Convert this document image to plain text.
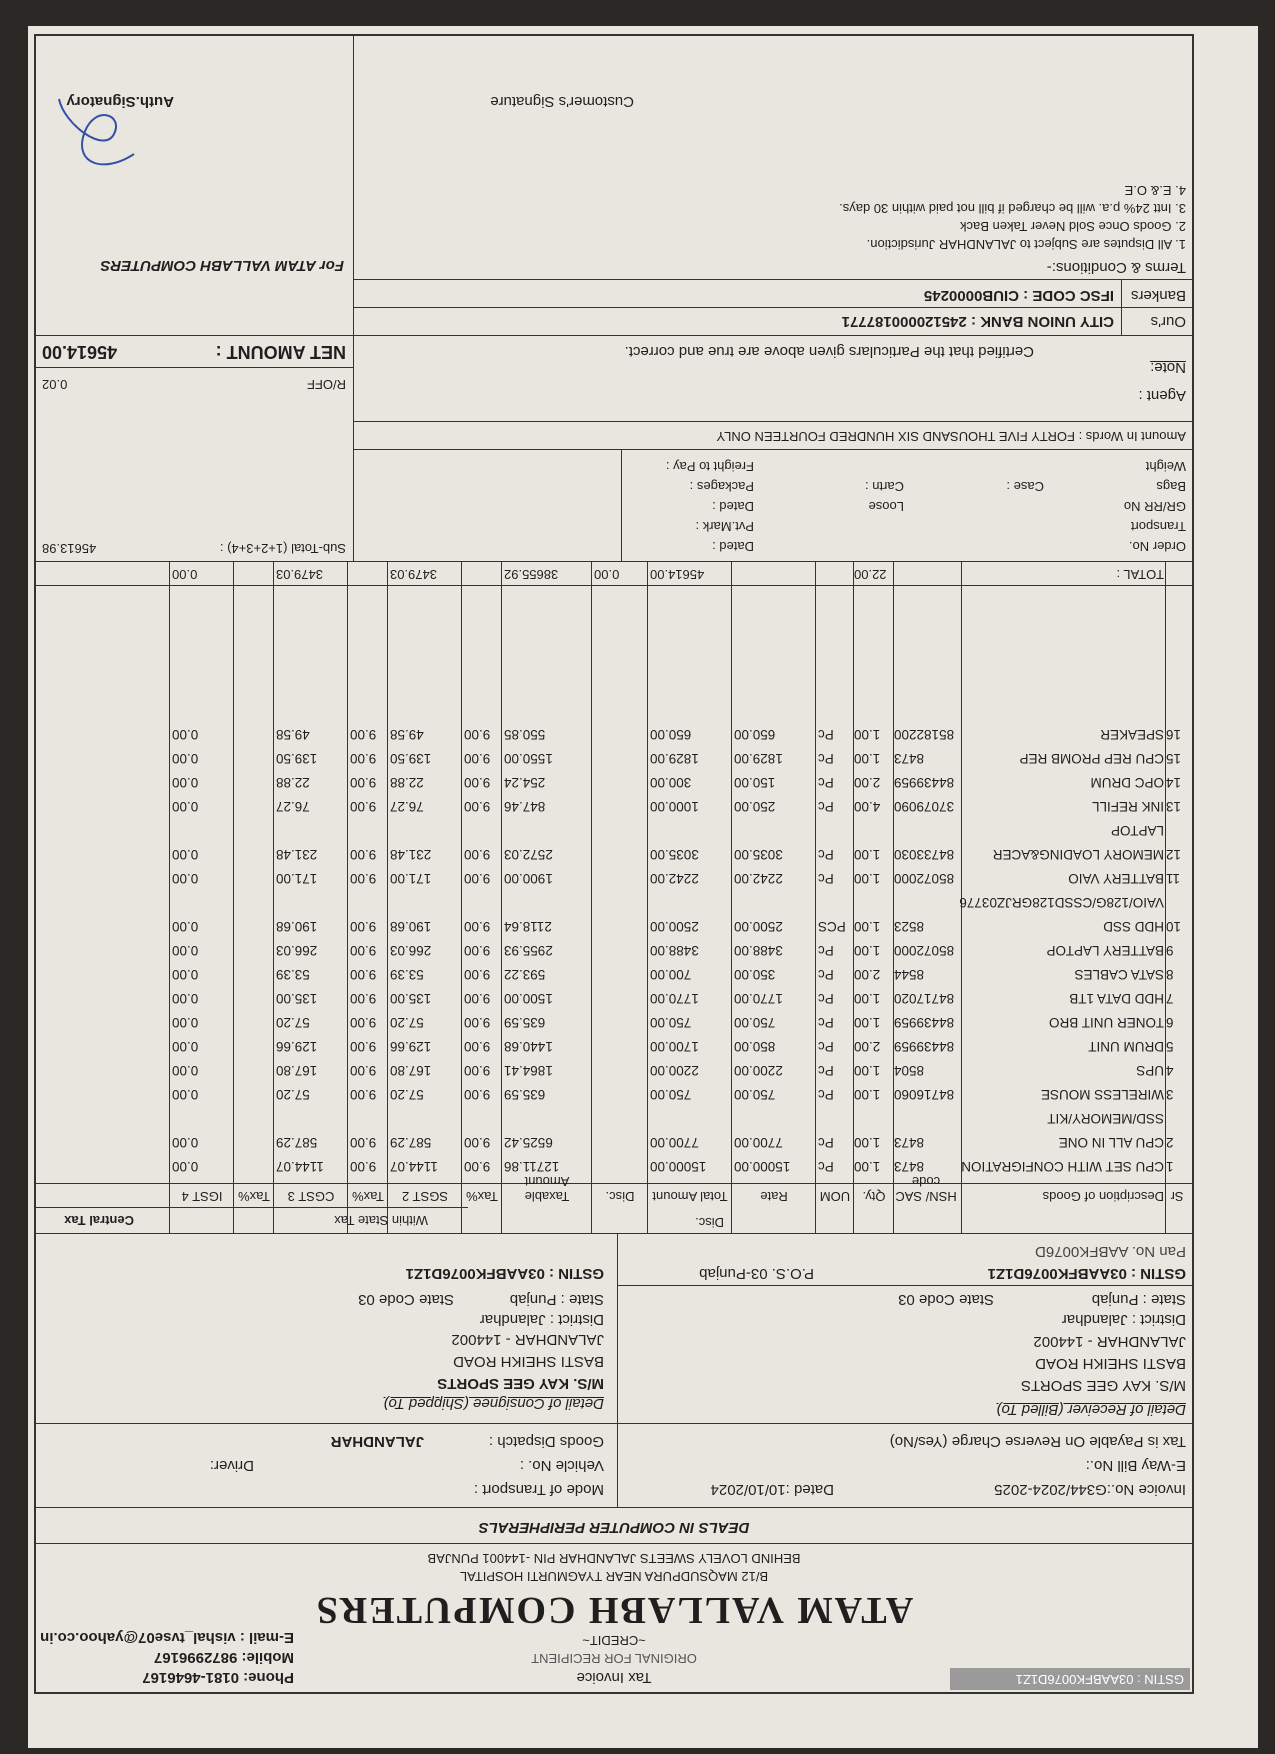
GSTIN : 03AABFK0076D1Z1
Tax Invoice
ORIGINAL FOR RECIPIENT
~CREDIT~
Phone: 0181-4646167
Mobile: 9872996167
E-mail : vishal_tvse07@yahoo.co.in
ATAM VALLABH COMPUTERS
B/12 MAQSUDPURA NEAR TYAGMURTI HOSPITAL
BEHIND LOVELY SWEETS JALANDHAR PIN -144001 PUNJAB
DEALS IN COMPUTER PERIPHERALS
Invoice No.:G344/2024-2025
Dated :10/10/2024
E-Way Bill No.:
Tax is Payable On Reverse Charge (Yes/No)
Mode of Transport :
Vehicle No. :
Driver:
Goods Dispatch :
JALANDHAR
Detail of Receiver (Billed To)
M/S. KAY GEE SPORTS
BASTI SHEIKH ROAD
JALANDHAR - 144002
District : Jalandhar
State : Punjab
State Code 03
GSTIN : 03AABFK0076D1Z1
P.O.S. 03-Punjab
Pan No. AABFK0076D
Detail of Consignee (Shipped To)
M/S. KAY GEE SPORTS
BASTI SHEIKH ROAD
JALANDHAR - 144002
District : Jalandhar
State : Punjab
State Code 03
GSTIN : 03AABFK0076D1Z1
Disc.
Within State Tax
Central Tax
Sr
Description of Goods
HSN/ SAC code
Qty.
UOM
Rate
Total Amount
Disc.
Taxable Amount
Tax%
SGST 2
Tax%
CGST 3
Tax%
IGST 4
1
CPU SET WITH CONFIGRATION
8473
1.00
Pc
15000.00
15000.00
12711.86
9.00
1144.07
9.00
1144.07
0.00
2
CPU ALL IN ONE
8473
1.00
Pc
7700.00
7700.00
6525.42
9.00
587.29
9.00
587.29
0.00
SSD/MEMORY/KIT
3
WIRELESS MOUSE
84716060
1.00
Pc
750.00
750.00
635.59
9.00
57.20
9.00
57.20
0.00
4
UPS
8504
1.00
Pc
2200.00
2200.00
1864.41
9.00
167.80
9.00
167.80
0.00
5
DRUM UNIT
84439959
2.00
Pc
850.00
1700.00
1440.68
9.00
129.66
9.00
129.66
0.00
6
TONER UNIT BRO
84439959
1.00
Pc
750.00
750.00
635.59
9.00
57.20
9.00
57.20
0.00
7
HDD DATA 1TB
84717020
1.00
Pc
1770.00
1770.00
1500.00
9.00
135.00
9.00
135.00
0.00
8
SATA CABLES
8544
2.00
Pc
350.00
700.00
593.22
9.00
53.39
9.00
53.39
0.00
9
BATTERY LAPTOP
85072000
1.00
Pc
3488.00
3488.00
2955.93
9.00
266.03
9.00
266.03
0.00
10
HDD SSD
8523
1.00
PCS
2500.00
2500.00
2118.64
9.00
190.68
9.00
190.68
0.00
VAIO/128G/CSSD128GRJZ03776
11
BATTERY VAIO
85072000
1.00
Pc
2242.00
2242.00
1900.00
9.00
171.00
9.00
171.00
0.00
12
MEMORY LOADING&ACER
84733030
1.00
Pc
3035.00
3035.00
2572.03
9.00
231.48
9.00
231.48
0.00
LAPTOP
13
INK REFILL
37079090
4.00
Pc
250.00
1000.00
847.46
9.00
76.27
9.00
76.27
0.00
14
OPC DRUM
84439959
2.00
Pc
150.00
300.00
254.24
9.00
22.88
9.00
22.88
0.00
15
CPU REP PROMB REP
8473
1.00
Pc
1829.00
1829.00
1550.00
9.00
139.50
9.00
139.50
0.00
16
SPEAKER
85182200
1.00
Pc
650.00
650.00
550.85
9.00
49.58
9.00
49.58
0.00
TOTAL :
22.00
45614.00
0.00
38655.92
3479.03
3479.03
0.00
Order No.
Dated :
Transport
Pvt.Mark :
GR/RR No
Loose
Dated :
Bags
Case :
Cartn :
Packages :
Weight
Freight to Pay :
Amount In Words : FORTY FIVE THOUSAND SIX HUNDRED FOURTEEN ONLY
Agent :
Note:
Certified that the Particulars given above are true and correct.
Sub-Total (1+2+3+4) :
45613.98
R/OFF
0.02
NET AMOUNT :
45614.00
Our's
CITY UNION BANK : 245120000187771
Bankers
IFSC CODE : CIUB0000245
Terms & Conditions:-
1. All Disputes are Subject to JALANDHAR Jurisdiction.
2. Goods Once Sold Never Taken Back
3. Intt 24% p.a. will be charged if bill not paid within 30 days.
4. E.& O.E
For ATAM VALLABH COMPUTERS
Customer's Signature
Auth.Signatory
